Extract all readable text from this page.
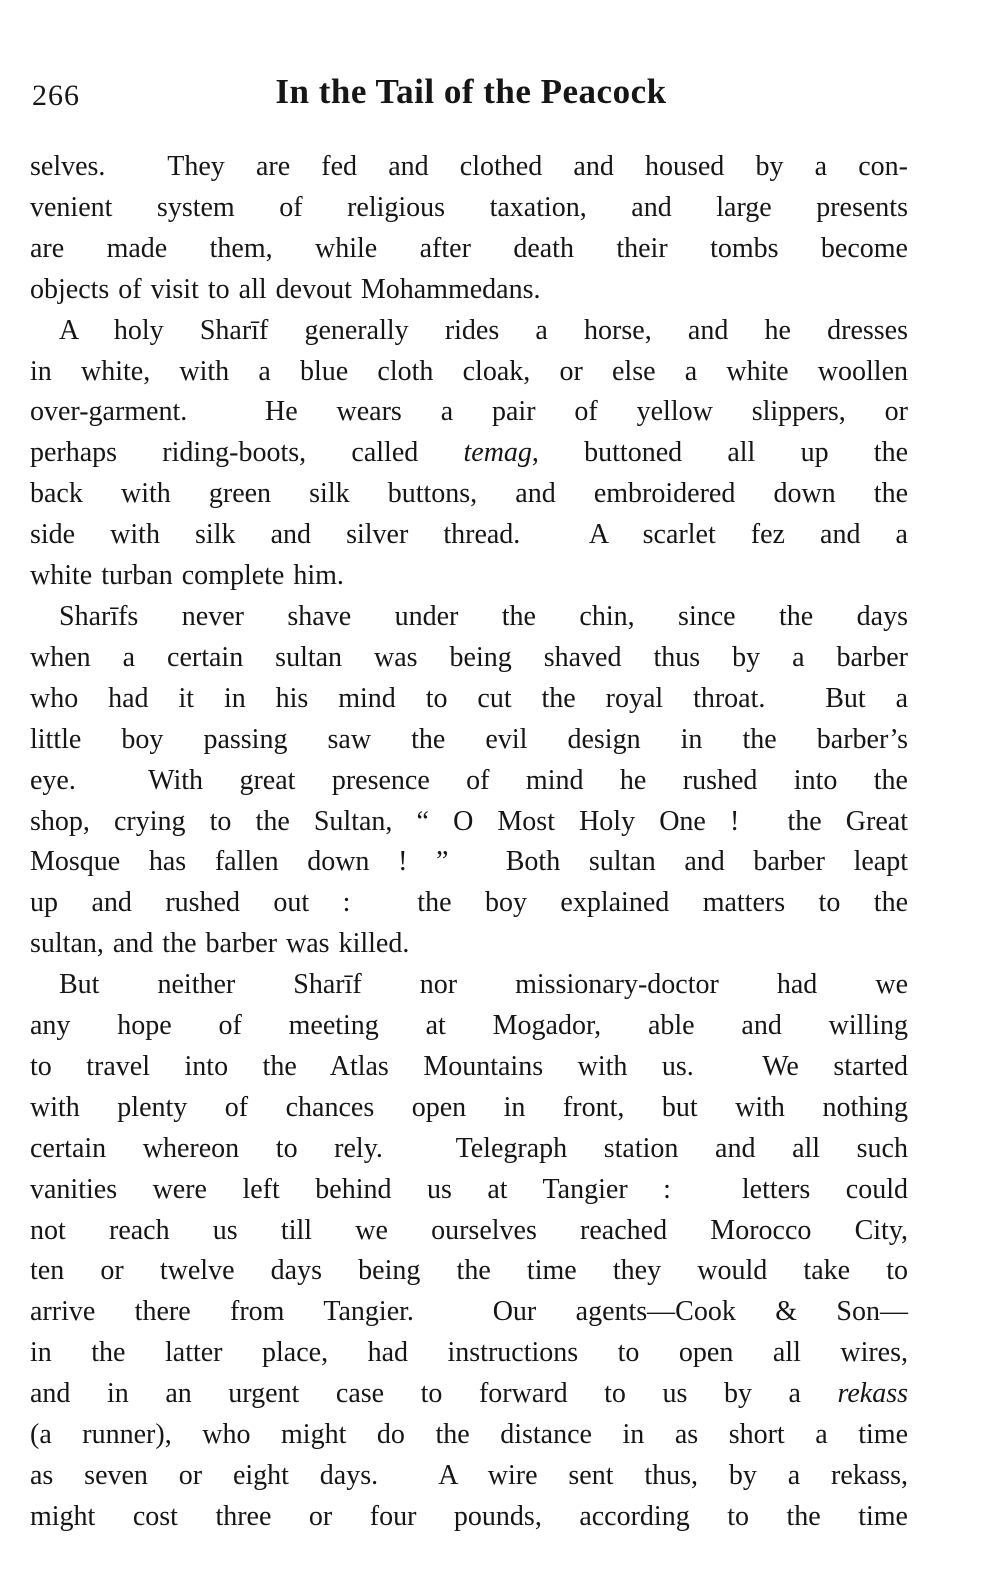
266	In the Tail of the Peacock
selves.  They are fed and clothed and housed by a con-
venient system of religious taxation, and large presents
are made them, while after death their tombs become
objects of visit to all devout Mohammedans.
A holy Sharīf generally rides a horse, and he dresses
in white, with a blue cloth cloak, or else a white woollen
over-garment.  He wears a pair of yellow slippers, or
perhaps riding-boots, called temag, buttoned all up the
back with green silk buttons, and embroidered down the
side with silk and silver thread.  A scarlet fez and a
white turban complete him.
Sharīfs never shave under the chin, since the days
when a certain sultan was being shaved thus by a barber
who had it in his mind to cut the royal throat.  But a
little boy passing saw the evil design in the barber’s
eye.  With great presence of mind he rushed into the
shop, crying to the Sultan, “ O Most Holy One !  the Great
Mosque has fallen down ! ”  Both sultan and barber leapt
up and rushed out :  the boy explained matters to the
sultan, and the barber was killed.
But neither Sharīf nor missionary-doctor had we
any hope of meeting at Mogador, able and willing
to travel into the Atlas Mountains with us.  We started
with plenty of chances open in front, but with nothing
certain whereon to rely.  Telegraph station and all such
vanities were left behind us at Tangier :  letters could
not reach us till we ourselves reached Morocco City,
ten or twelve days being the time they would take to
arrive there from Tangier.  Our agents—Cook & Son—
in the latter place, had instructions to open all wires,
and in an urgent case to forward to us by a rekass
(a runner), who might do the distance in as short a time
as seven or eight days.  A wire sent thus, by a rekass,
might cost three or four pounds, according to the time
